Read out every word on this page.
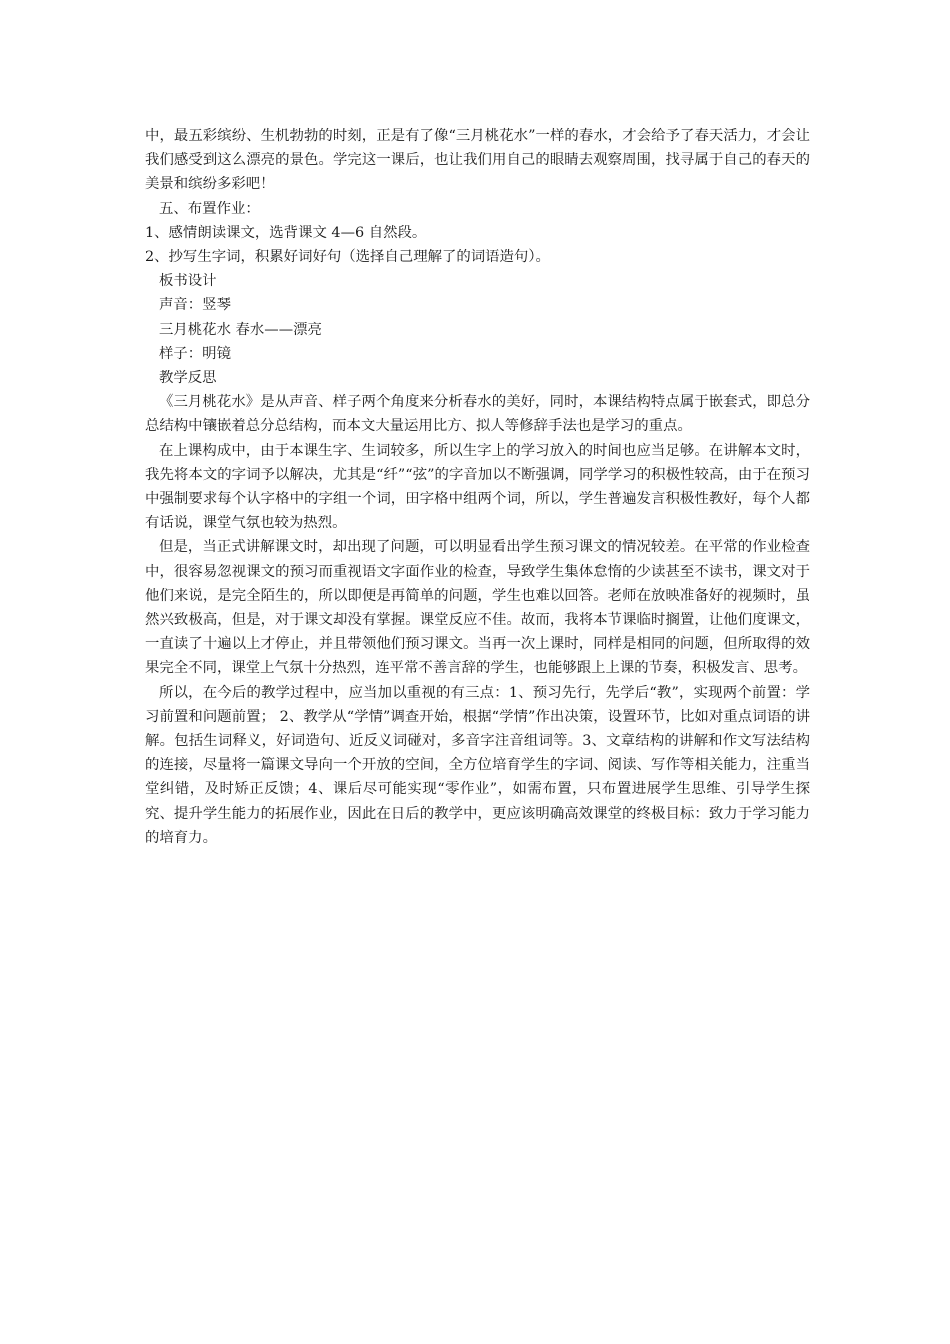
中，最五彩缤纷、生机勃勃的时刻，正是有了像“三月桃花水”一样的春水，才会给予了春天活力，才会让我们感受到这么漂亮的景色。学完这一课后，也让我们用自己的眼睛去观察周围，找寻属于自己的春天的美景和缤纷多彩吧！

五、布置作业：

1、感情朗读课文，选背课文 4—6 自然段。

2、抄写生字词，积累好词好句（选择自己理解了的词语造句）。

板书设计

声音：竖琴

三月桃花水 春水——漂亮

样子：明镜

教学反思

《三月桃花水》是从声音、样子两个角度来分析春水的美好，同时，本课结构特点属于嵌套式，即总分总结构中镶嵌着总分总结构，而本文大量运用比方、拟人等修辞手法也是学习的重点。

在上课构成中，由于本课生字、生词较多，所以生字上的学习放入的时间也应当足够。在讲解本文时，我先将本文的字词予以解决，尤其是“纤”“弦”的字音加以不断强调，同学学习的积极性较高，由于在预习中强制要求每个认字格中的字组一个词，田字格中组两个词，所以，学生普遍发言积极性教好，每个人都有话说，课堂气氛也较为热烈。

但是，当正式讲解课文时，却出现了问题，可以明显看出学生预习课文的情况较差。在平常的作业检查中，很容易忽视课文的预习而重视语文字面作业的检查，导致学生集体怠惰的少读甚至不读书，课文对于他们来说，是完全陌生的，所以即便是再简单的问题，学生也难以回答。老师在放映准备好的视频时，虽然兴致极高，但是，对于课文却没有掌握。课堂反应不佳。故而，我将本节课临时搁置，让他们度课文，一直读了十遍以上才停止，并且带领他们预习课文。当再一次上课时，同样是相同的问题，但所取得的效果完全不同，课堂上气氛十分热烈，连平常不善言辞的学生，也能够跟上上课的节奏，积极发言、思考。

所以，在今后的教学过程中，应当加以重视的有三点：1、预习先行，先学后“教”，实现两个前置：学习前置和问题前置； 2、教学从“学情”调查开始，根据“学情”作出决策，设置环节，比如对重点词语的讲解。包括生词释义，好词造句、近反义词碰对，多音字注音组词等。3、文章结构的讲解和作文写法结构的连接，尽量将一篇课文导向一个开放的空间，全方位培育学生的字词、阅读、写作等相关能力，注重当堂纠错，及时矫正反馈；4、课后尽可能实现“零作业”，如需布置，只布置进展学生思维、引导学生探究、提升学生能力的拓展作业，因此在日后的教学中，更应该明确高效课堂的终极目标：致力于学习能力的培育力。
